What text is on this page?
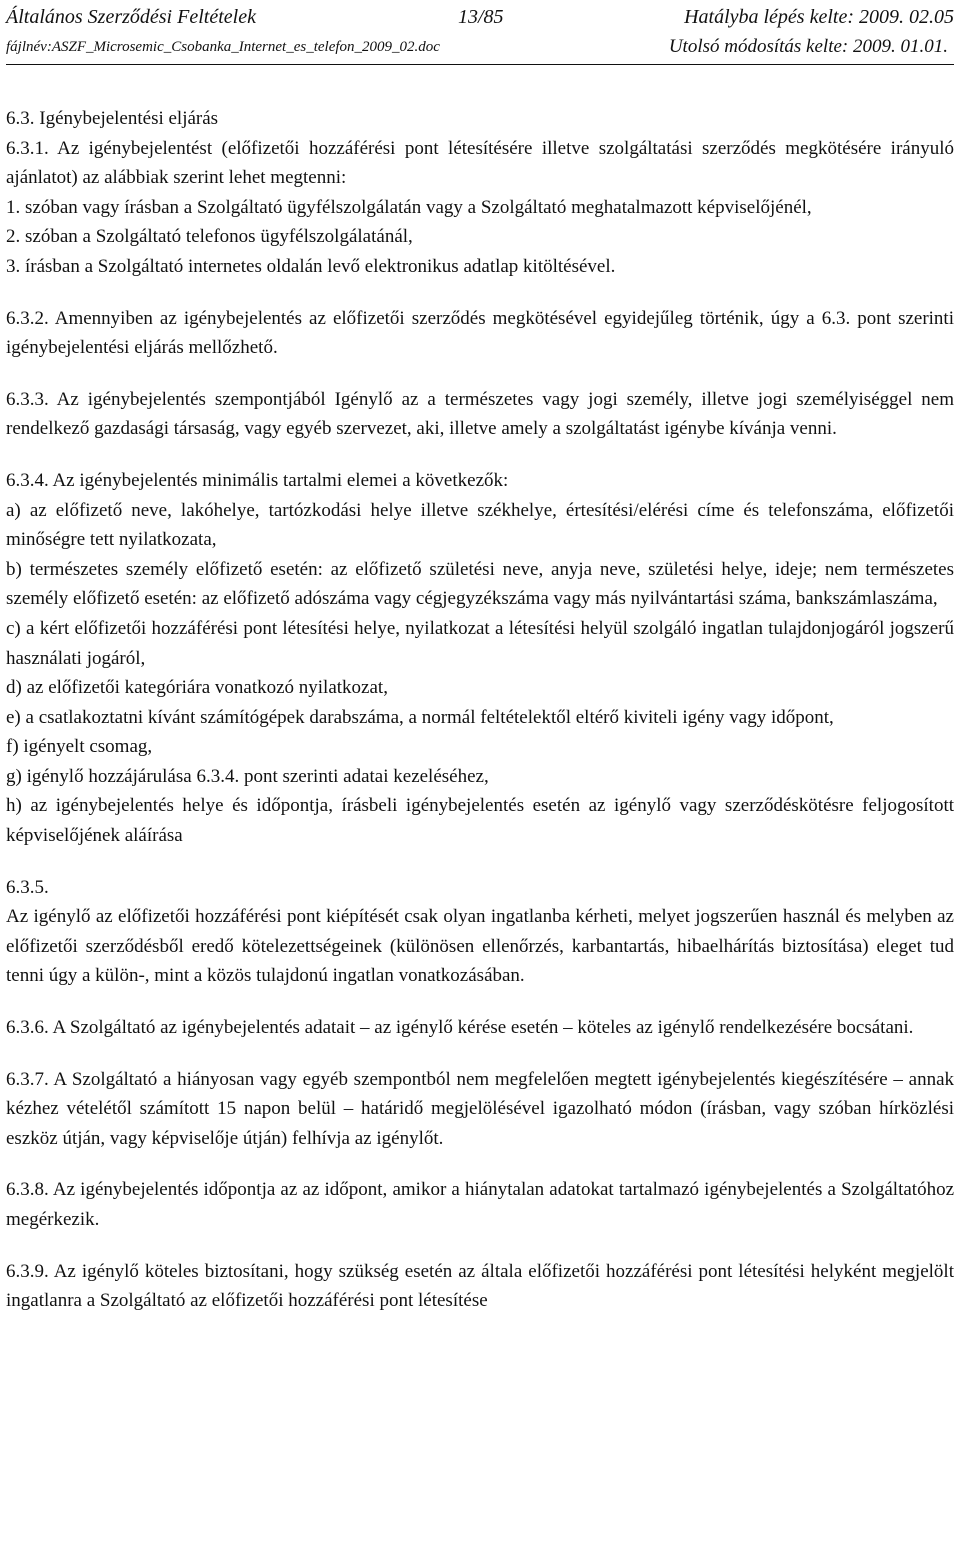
Általános Szerződési Feltételek	13/85	Hatályba lépés kelte: 2009. 02.05
fájlnév:ASZF_Microsemic_Csobanka_Internet_es_telefon_2009_02.doc	Utolsó módosítás kelte: 2009. 01.01.

6.3. Igénybejelentési eljárás

6.3.1. Az igénybejelentést (előfizetői hozzáférési pont létesítésére illetve szolgáltatási szerződés megkötésére irányuló ajánlatot) az alábbiak szerint lehet megtenni:

1. szóban vagy írásban a Szolgáltató ügyfélszolgálatán vagy a Szolgáltató meghatalmazott képviselőjénél,

2. szóban a Szolgáltató telefonos ügyfélszolgálatánál,

3. írásban a Szolgáltató internetes oldalán levő elektronikus adatlap kitöltésével.

6.3.2. Amennyiben az igénybejelentés az előfizetői szerződés megkötésével egyidejűleg történik, úgy a 6.3. pont szerinti igénybejelentési eljárás mellőzhető.

6.3.3. Az igénybejelentés szempontjából Igénylő az a természetes vagy jogi személy, illetve jogi személyiséggel nem rendelkező gazdasági társaság, vagy egyéb szervezet, aki, illetve amely a szolgáltatást igénybe kívánja venni.

6.3.4. Az igénybejelentés minimális tartalmi elemei a következők:

a) az előfizető neve, lakóhelye, tartózkodási helye illetve székhelye, értesítési/elérési címe és telefonszáma, előfizetői minőségre tett nyilatkozata,

b) természetes személy előfizető esetén: az előfizető születési neve, anyja neve, születési helye, ideje; nem természetes személy előfizető esetén: az előfizető adószáma vagy cégjegyzékszáma vagy más nyilvántartási száma, bankszámlaszáma,

c) a kért előfizetői hozzáférési pont létesítési helye, nyilatkozat a létesítési helyül szolgáló ingatlan tulajdonjogáról jogszerű használati jogáról,

d) az előfizetői kategóriára vonatkozó nyilatkozat,

e) a csatlakoztatni kívánt számítógépek darabszáma, a normál feltételektől eltérő kiviteli igény vagy időpont,

f) igényelt csomag,

g) igénylő hozzájárulása 6.3.4. pont szerinti adatai kezeléséhez,

h) az igénybejelentés helye és időpontja, írásbeli igénybejelentés esetén az igénylő vagy szerződéskötésre feljogosított képviselőjének aláírása

6.3.5.

Az igénylő az előfizetői hozzáférési pont kiépítését csak olyan ingatlanba kérheti, melyet jogszerűen használ és melyben az előfizetői szerződésből eredő kötelezettségeinek (különösen ellenőrzés, karbantartás, hibaelhárítás biztosítása) eleget tud tenni úgy a külön-, mint a közös tulajdonú ingatlan vonatkozásában.

6.3.6. A Szolgáltató az igénybejelentés adatait – az igénylő kérése esetén – köteles az igénylő rendelkezésére bocsátani.

6.3.7. A Szolgáltató a hiányosan vagy egyéb szempontból nem megfelelően megtett igénybejelentés kiegészítésére – annak kézhez vételétől számított 15 napon belül – határidő megjelölésével igazolható módon (írásban, vagy szóban hírközlési eszköz útján, vagy képviselője útján) felhívja az igénylőt.

6.3.8. Az igénybejelentés időpontja az az időpont, amikor a hiánytalan adatokat tartalmazó igénybejelentés a Szolgáltatóhoz megérkezik.

6.3.9. Az igénylő köteles biztosítani, hogy szükség esetén az általa előfizetői hozzáférési pont létesítési helyként megjelölt ingatlanra a Szolgáltató az előfizetői hozzáférési pont létesítése
